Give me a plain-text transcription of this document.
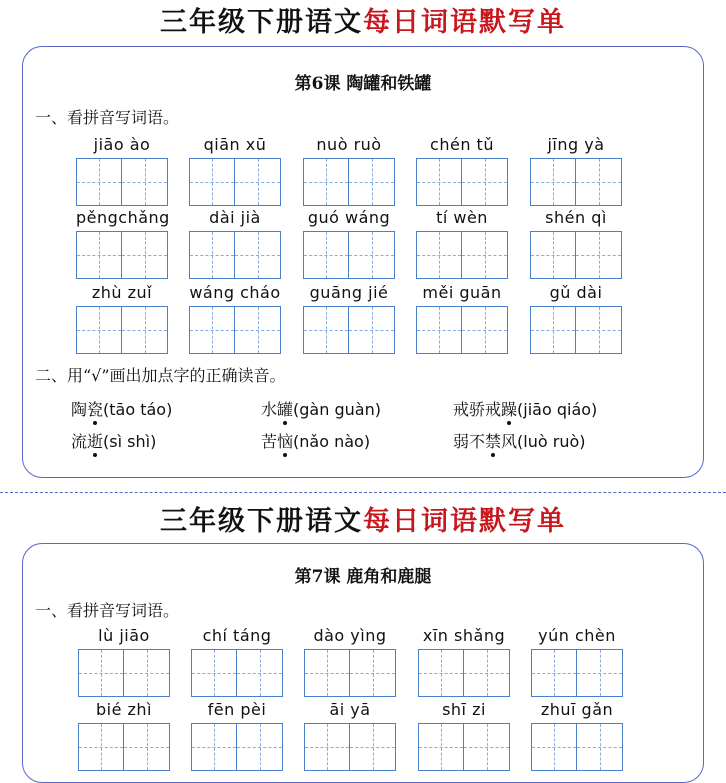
三年级下册语文每日词语默写单
第6课 陶罐和铁罐
一、看拼音写词语。
jiāo ào	qiān xū	nuò ruò	chén tǔ	jīng yà
pěngchǎng	dài jià	guó wáng	tí wèn	shén qì
zhù zuǐ	wáng cháo	guāng jié	měi guān	gǔ dài
二、用“√”画出加点字的正确读音。
陶瓷(tāo táo)	水罐(gàn guàn)	戒骄戒躁(jiāo qiáo)
流逝(sì shì)	苦恼(nǎo nào)	弱不禁风(luò ruò)
三年级下册语文每日词语默写单
第7课 鹿角和鹿腿
一、看拼音写词语。
lù jiāo	chí táng	dào yìng	xīn shǎng	yún chèn
bié zhì	fēn pèi	āi yā	shī zi	zhuī gǎn
